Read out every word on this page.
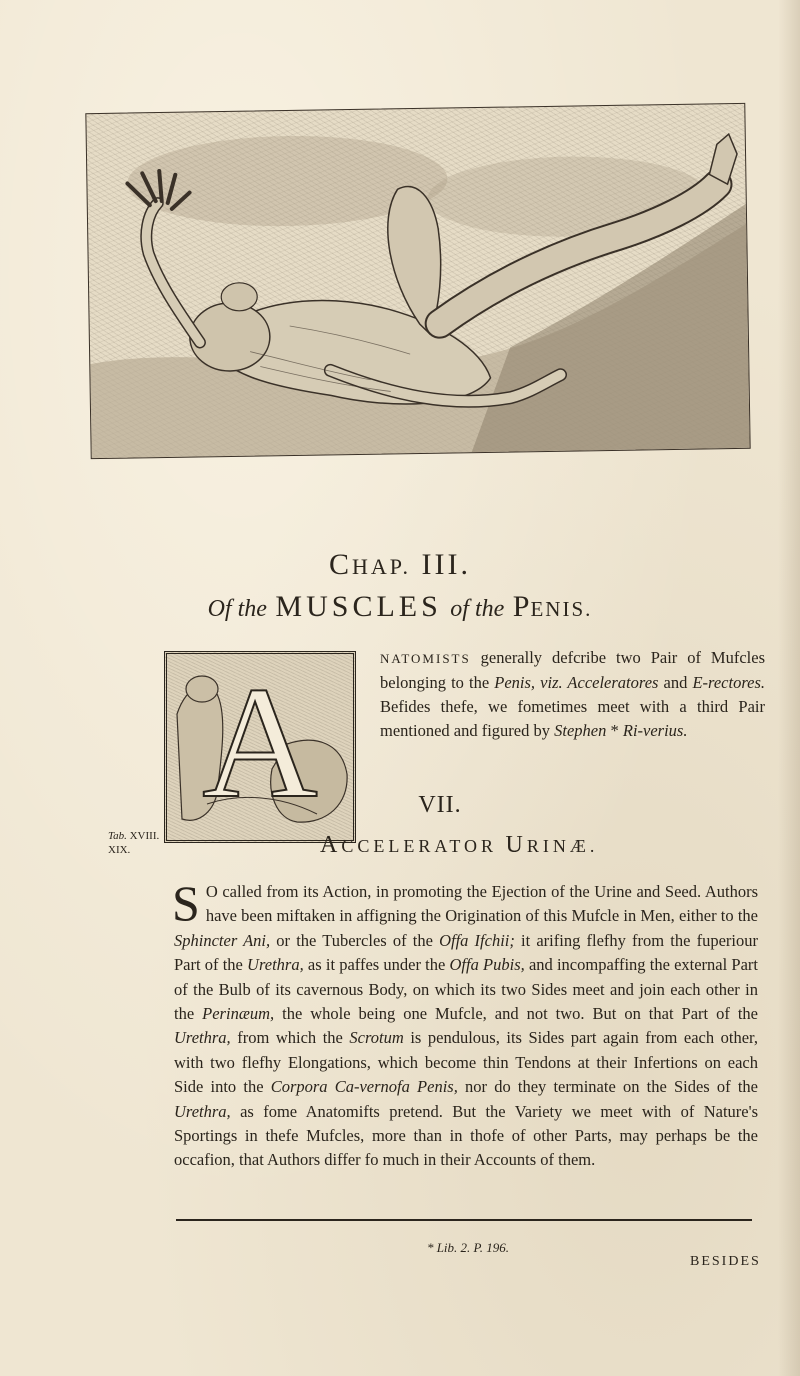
CHAP. III.
Of the MUSCLES of the PENIS.
A	NATOMISTS generally defcribe two Pair of Mufcles belonging to the Penis, viz. Acceleratores and E-rectores. Befides thefe, we fometimes meet with a third Pair mentioned and figured by Stephen * Ri-verius.
VII.
ACCELERATOR URINÆ.
Tab. XVIII. XIX.
S O called from its Action, in promoting the Ejection of the Urine and Seed. Authors have been miftaken in affigning the Origination of this Mufcle in Men, either to the Sphincter Ani, or the Tubercles of the Offa Ifchii; it arifing flefhy from the fuperiour Part of the Urethra, as it paffes under the Offa Pubis, and incompaffing the external Part of the Bulb of its cavernous Body, on which its two Sides meet and join each other in the Perinæum, the whole being one Mufcle, and not two. But on that Part of the Urethra, from which the Scrotum is pendulous, its Sides part again from each other, with two flefhy Elongations, which become thin Tendons at their Infertions on each Side into the Corpora Ca-vernofa Penis, nor do they terminate on the Sides of the Urethra, as fome Anatomifts pretend. But the Variety we meet with of Nature's Sportings in thefe Mufcles, more than in thofe of other Parts, may perhaps be the occafion, that Authors differ fo much in their Accounts of them.
* Lib. 2. P. 196.
BESIDES
